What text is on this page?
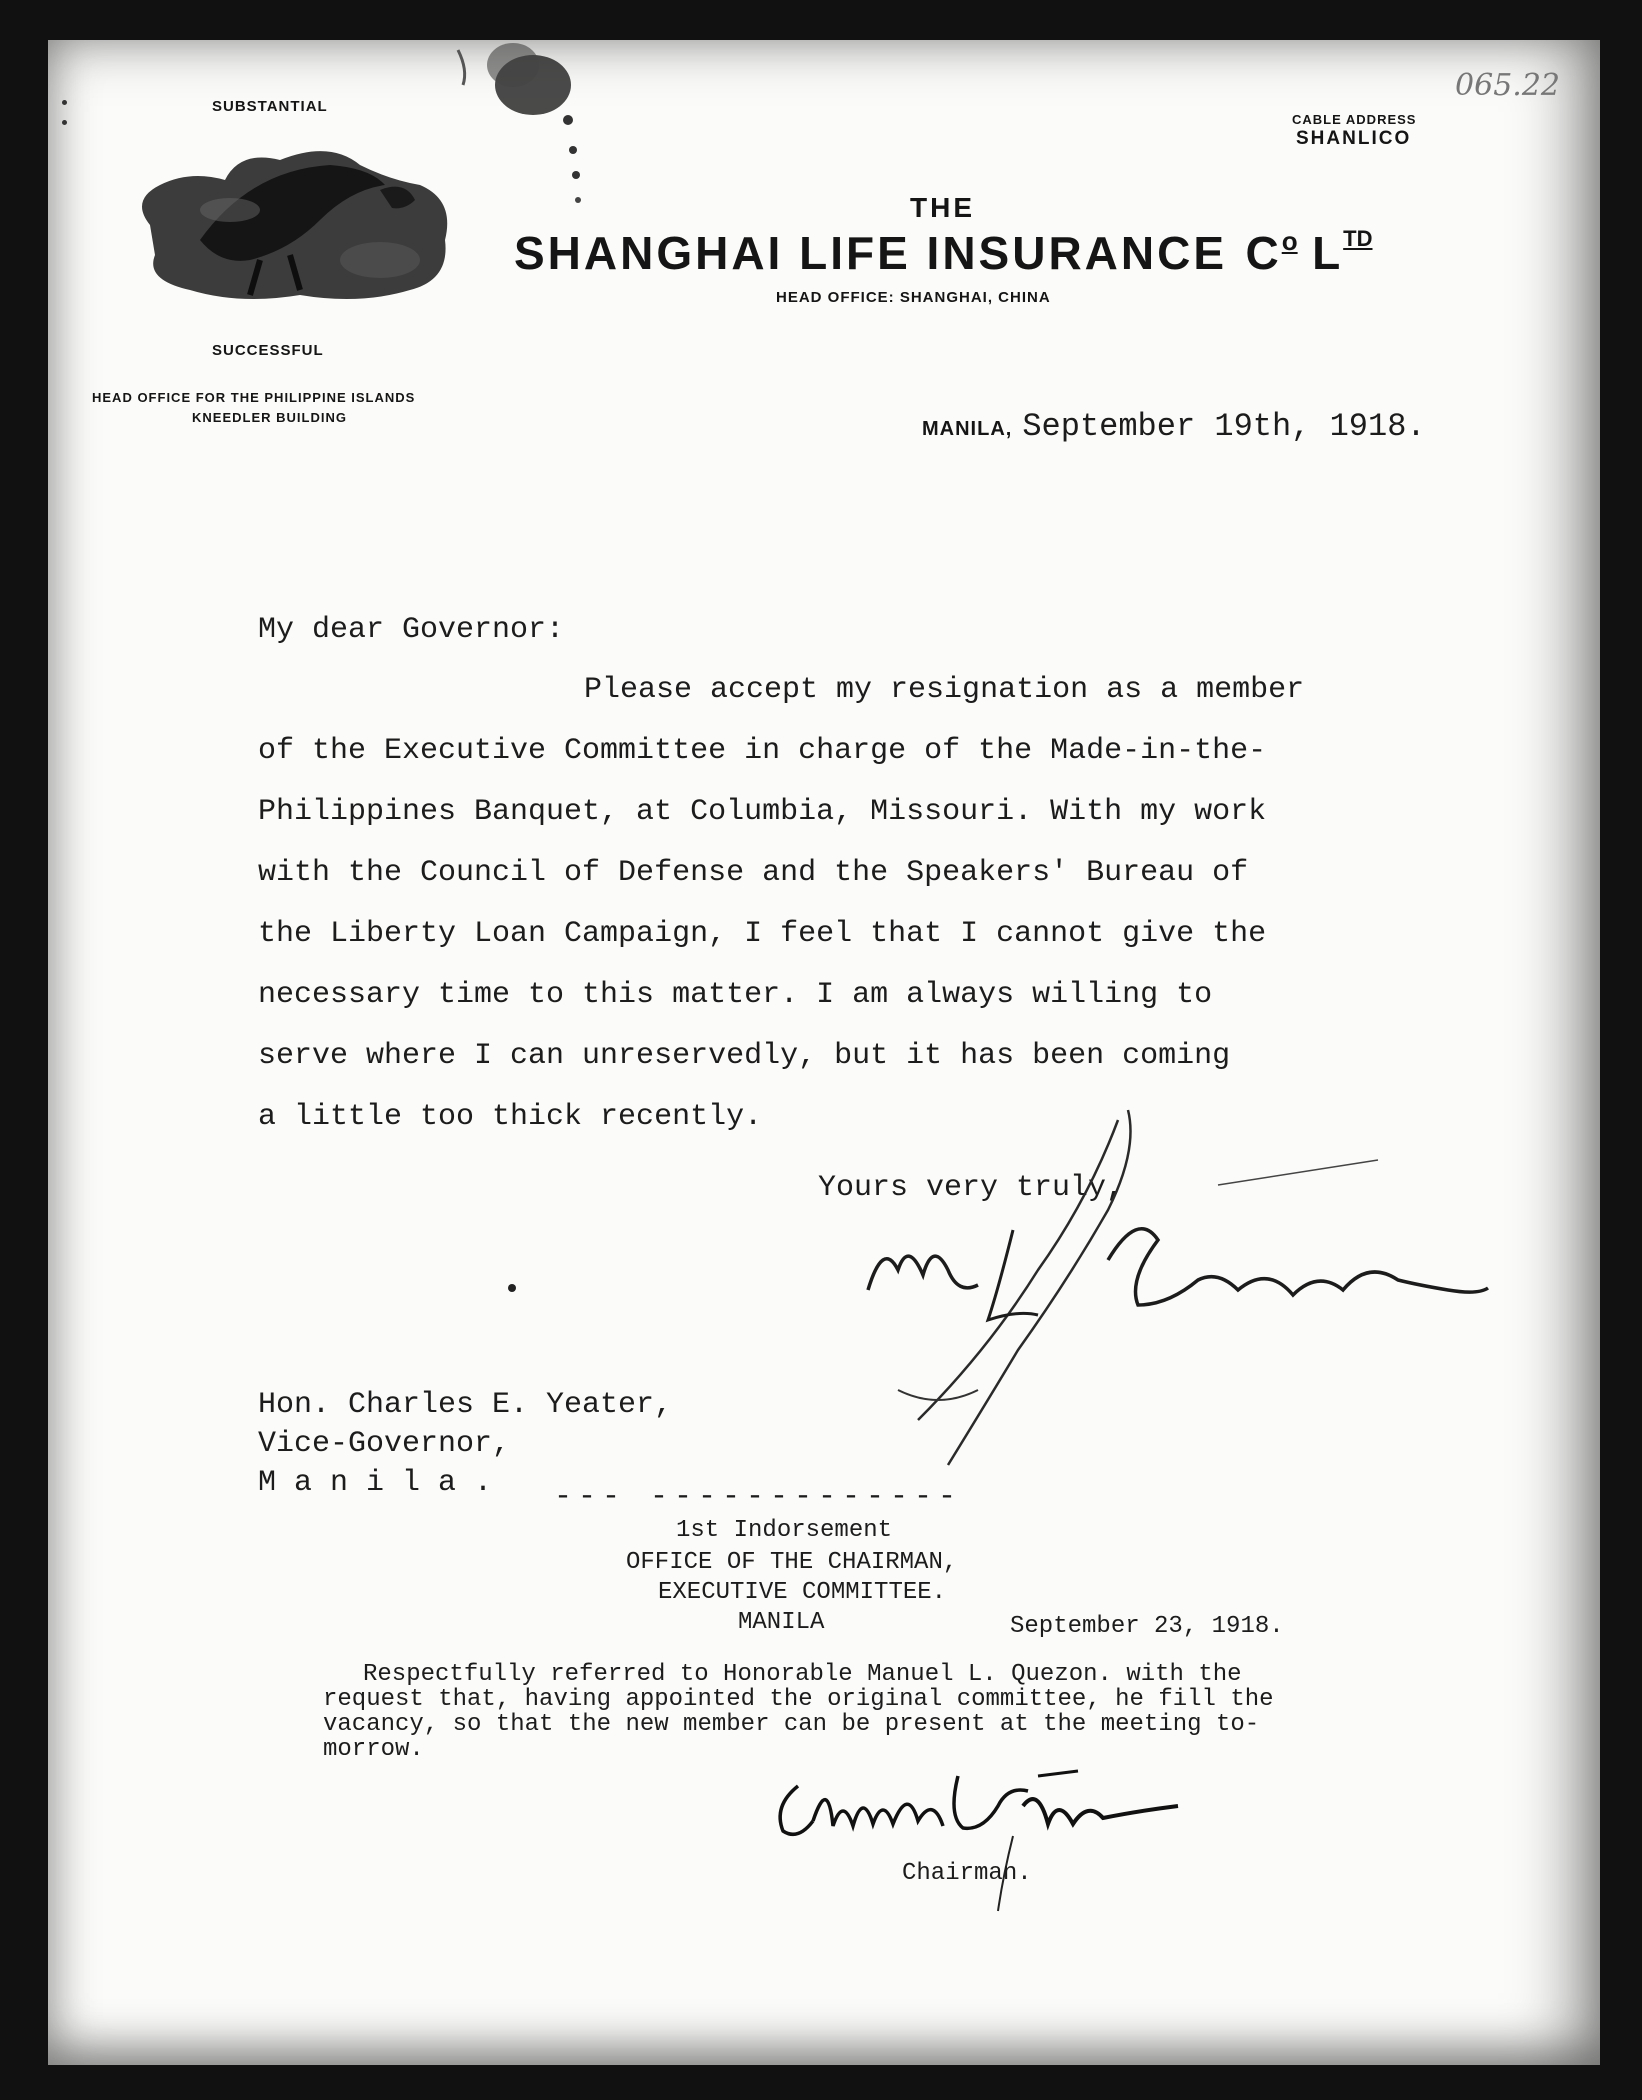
065.22
SUBSTANTIAL
SUCCESSFUL
HEAD OFFICE FOR THE PHILIPPINE ISLANDS
KNEEDLER BUILDING
THE
SHANGHAI LIFE INSURANCE Co LTD
HEAD OFFICE: SHANGHAI, CHINA
CABLE ADDRESS
SHANLICO
MANILA, September 19th, 1918.
My dear Governor:
Please accept my resignation as a member
of the Executive Committee in charge of the Made-in-the-
Philippines Banquet, at Columbia, Missouri. With my work
with the Council of Defense and the Speakers' Bureau of
the Liberty Loan Campaign, I feel that I cannot give the
necessary time to this matter. I am always willing to
serve where I can unreservedly, but it has been coming
a little too thick recently.
Yours very truly,
Hon. Charles E. Yeater,
Vice-Governor,
M a n i l a .	--- -------------
1st Indorsement
OFFICE OF THE CHAIRMAN,
EXECUTIVE COMMITTEE.
MANILA	September 23, 1918.
Respectfully referred to Honorable Manuel L. Quezon. with the
request that, having appointed the original committee, he fill the
vacancy, so that the new member can be present at the meeting to-
morrow.
Chairman.
